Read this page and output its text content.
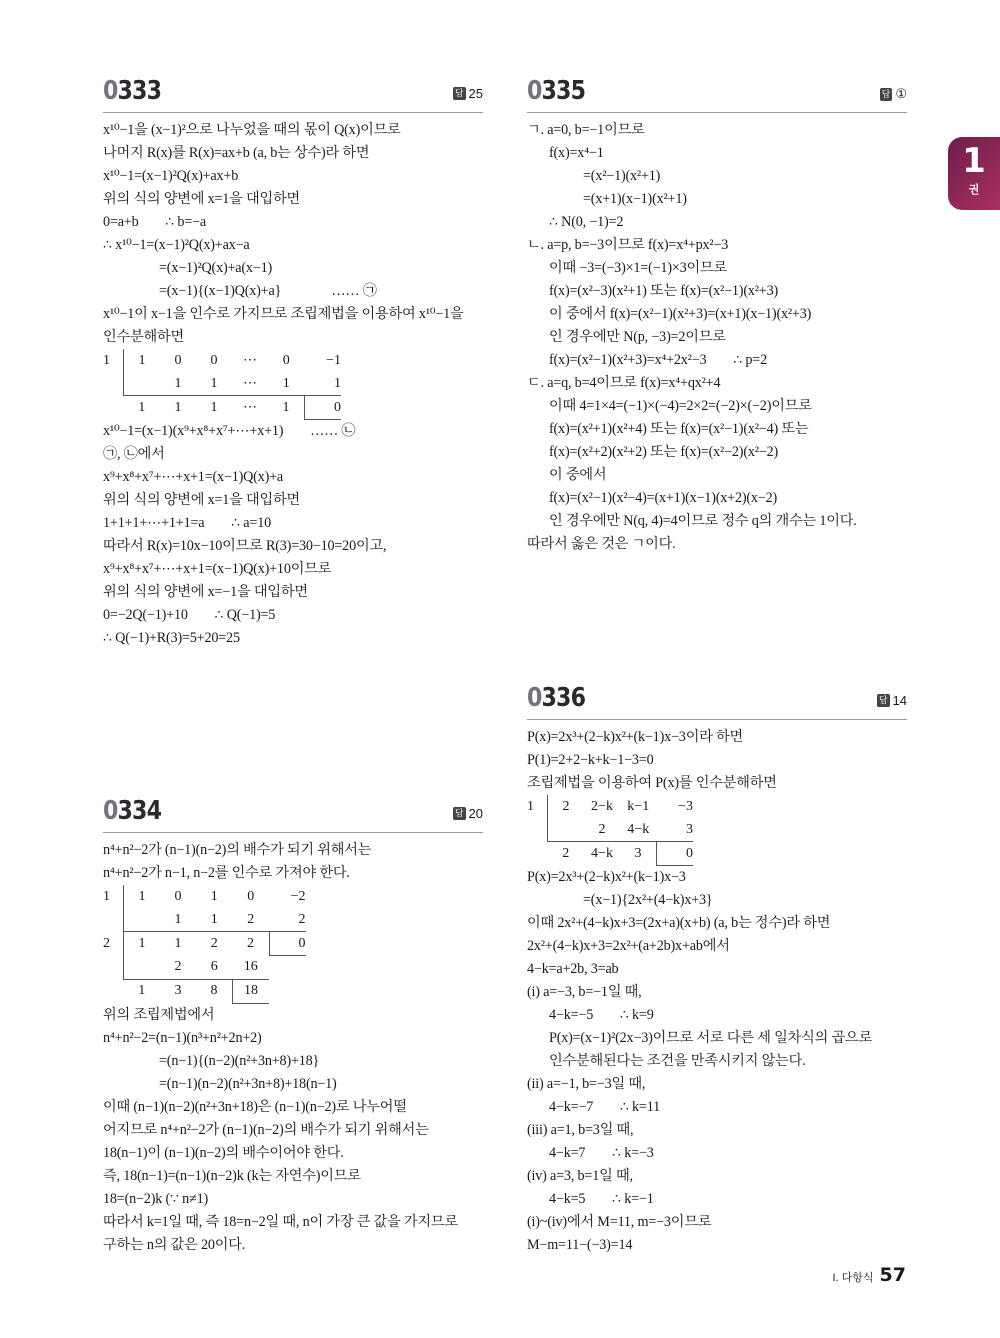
0333	답 25
x¹⁰−1을 (x−1)²으로 나누었을 때의 몫이 Q(x)이므로
나머지 R(x)를 R(x)=ax+b (a, b는 상수)라 하면
x¹⁰−1=(x−1)²Q(x)+ax+b
위의 식의 양변에 x=1을 대입하면
0=a+b        ∴ b=−a
∴ x¹⁰−1=(x−1)²Q(x)+ax−a
=(x−1)²Q(x)+a(x−1)
=(x−1){(x−1)Q(x)+a}               …… ㉠
x¹⁰−1이 x−1을 인수로 가지므로 조립제법을 이용하여 x¹⁰−1을
인수분해하면
1	1	0	0	⋯	0	−1
		1	1	⋯	1	1
	1	1	1	⋯	1	0
x¹⁰−1=(x−1)(x⁹+x⁸+x⁷+⋯+x+1)        …… ㉡
㉠, ㉡에서
x⁹+x⁸+x⁷+⋯+x+1=(x−1)Q(x)+a
위의 식의 양변에 x=1을 대입하면
1+1+1+⋯+1+1=a        ∴ a=10
따라서 R(x)=10x−10이므로 R(3)=30−10=20이고,
x⁹+x⁸+x⁷+⋯+x+1=(x−1)Q(x)+10이므로
위의 식의 양변에 x=−1을 대입하면
0=−2Q(−1)+10        ∴ Q(−1)=5
∴ Q(−1)+R(3)=5+20=25
0334	답 20
n⁴+n²−2가 (n−1)(n−2)의 배수가 되기 위해서는
n⁴+n²−2가 n−1, n−2를 인수로 가져야 한다.
1	1	0	1	0	−2
		1	1	2	2
2	1	1	2	2	0
		2	6	16	
	1	3	8	18	
위의 조립제법에서
n⁴+n²−2=(n−1)(n³+n²+2n+2)
=(n−1){(n−2)(n²+3n+8)+18}
=(n−1)(n−2)(n²+3n+8)+18(n−1)
이때 (n−1)(n−2)(n²+3n+18)은 (n−1)(n−2)로 나누어떨
어지므로 n⁴+n²−2가 (n−1)(n−2)의 배수가 되기 위해서는
18(n−1)이 (n−1)(n−2)의 배수이어야 한다.
즉, 18(n−1)=(n−1)(n−2)k (k는 자연수)이므로
18=(n−2)k (∵ n≠1)
따라서 k=1일 때, 즉 18=n−2일 때, n이 가장 큰 값을 가지므로
구하는 n의 값은 20이다.
0335	답 ①
ㄱ. a=0, b=−1이므로
f(x)=x⁴−1
=(x²−1)(x²+1)
=(x+1)(x−1)(x²+1)
∴ N(0, −1)=2
ㄴ. a=p, b=−3이므로 f(x)=x⁴+px²−3
이때 −3=(−3)×1=(−1)×3이므로
f(x)=(x²−3)(x²+1) 또는 f(x)=(x²−1)(x²+3)
이 중에서 f(x)=(x²−1)(x²+3)=(x+1)(x−1)(x²+3)
인 경우에만 N(p, −3)=2이므로
f(x)=(x²−1)(x²+3)=x⁴+2x²−3        ∴ p=2
ㄷ. a=q, b=4이므로 f(x)=x⁴+qx²+4
이때 4=1×4=(−1)×(−4)=2×2=(−2)×(−2)이므로
f(x)=(x²+1)(x²+4) 또는 f(x)=(x²−1)(x²−4) 또는
f(x)=(x²+2)(x²+2) 또는 f(x)=(x²−2)(x²−2)
이 중에서
f(x)=(x²−1)(x²−4)=(x+1)(x−1)(x+2)(x−2)
인 경우에만 N(q, 4)=4이므로 정수 q의 개수는 1이다.
따라서 옳은 것은 ㄱ이다.
0336	답 14
P(x)=2x³+(2−k)x²+(k−1)x−3이라 하면
P(1)=2+2−k+k−1−3=0
조립제법을 이용하여 P(x)를 인수분해하면
1	2	2−k	k−1	−3
		2	4−k	3
	2	4−k	3	0
P(x)=2x³+(2−k)x²+(k−1)x−3
=(x−1){2x²+(4−k)x+3}
이때 2x²+(4−k)x+3=(2x+a)(x+b) (a, b는 정수)라 하면
2x²+(4−k)x+3=2x²+(a+2b)x+ab에서
4−k=a+2b, 3=ab
(i) a=−3, b=−1일 때,
4−k=−5        ∴ k=9
P(x)=(x−1)²(2x−3)이므로 서로 다른 세 일차식의 곱으로
인수분해된다는 조건을 만족시키지 않는다.
(ii) a=−1, b=−3일 때,
4−k=−7        ∴ k=11
(iii) a=1, b=3일 때,
4−k=7        ∴ k=−3
(iv) a=3, b=1일 때,
4−k=5        ∴ k=−1
(i)~(iv)에서 M=11, m=−3이므로
M−m=11−(−3)=14
1
권
I. 다항식 57
